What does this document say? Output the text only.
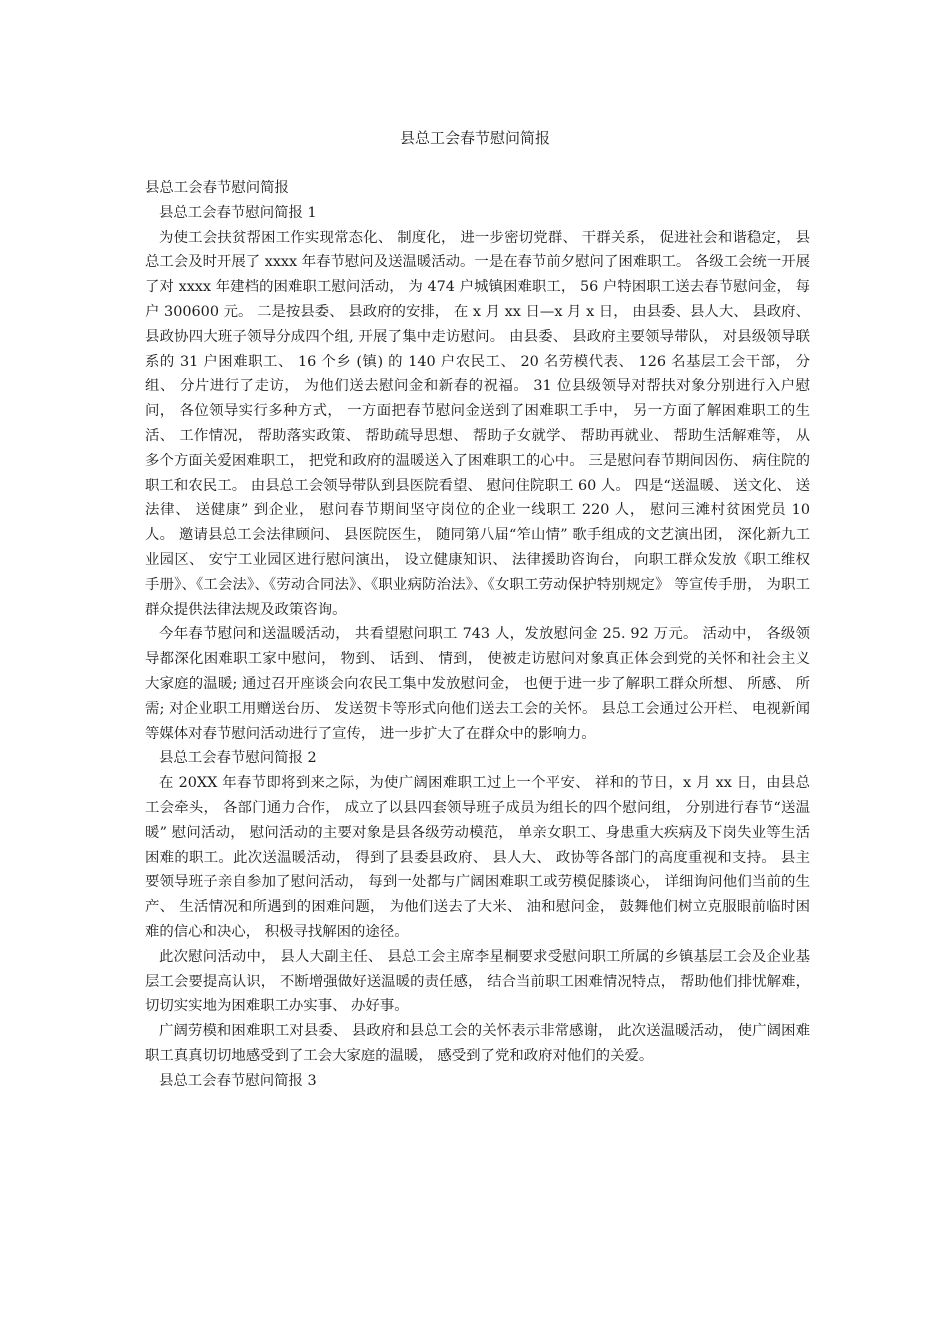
县总工会春节慰问简报

县总工会春节慰问简报

县总工会春节慰问简报 1

为使工会扶贫帮困工作实现常态化、 制度化， 进一步密切党群、 干群关系， 促进社会和谐稳定， 县总工会及时开展了 xxxx 年春节慰问及送温暖活动。一是在春节前夕慰问了困难职工。 各级工会统一开展了对 xxxx 年建档的困难职工慰问活动， 为 474 户城镇困难职工， 56 户特困职工送去春节慰问金， 每户 300600 元。 二是按县委、 县政府的安排， 在 x 月 xx 日—x 月 x 日， 由县委、县人大、 县政府、 县政协四大班子领导分成四个组, 开展了集中走访慰问。 由县委、 县政府主要领导带队， 对县级领导联系的 31 户困难职工、 16 个乡 (镇) 的 140 户农民工、 20 名劳模代表、 126 名基层工会干部， 分组、 分片进行了走访， 为他们送去慰问金和新春的祝福。 31 位县级领导对帮扶对象分别进行入户慰问， 各位领导实行多种方式， 一方面把春节慰问金送到了困难职工手中， 另一方面了解困难职工的生活、 工作情况， 帮助落实政策、 帮助疏导思想、 帮助子女就学、 帮助再就业、 帮助生活解难等， 从多个方面关爱困难职工， 把党和政府的温暖送入了困难职工的心中。 三是慰问春节期间因伤、 病住院的职工和农民工。 由县总工会领导带队到县医院看望、 慰问住院职工 60 人。 四是“送温暖、 送文化、 送法律、 送健康” 到企业， 慰问春节期间坚守岗位的企业一线职工 220 人， 慰问三滩村贫困党员 10 人。 邀请县总工会法律顾问、 县医院医生， 随同第八届“笮山情” 歌手组成的文艺演出团， 深化新九工业园区、 安宁工业园区进行慰问演出， 设立健康知识、 法律援助咨询台， 向职工群众发放《职工维权手册》、《工会法》、《劳动合同法》、《职业病防治法》、《女职工劳动保护特别规定》 等宣传手册， 为职工群众提供法律法规及政策咨询。

今年春节慰问和送温暖活动， 共看望慰问职工 743 人，发放慰问金 25. 92 万元。 活动中， 各级领导都深化困难职工家中慰问， 物到、 话到、 情到， 使被走访慰问对象真正体会到党的关怀和社会主义大家庭的温暖; 通过召开座谈会向农民工集中发放慰问金， 也便于进一步了解职工群众所想、 所感、 所需; 对企业职工用赠送台历、 发送贺卡等形式向他们送去工会的关怀。 县总工会通过公开栏、 电视新闻等媒体对春节慰问活动进行了宣传， 进一步扩大了在群众中的影响力。

县总工会春节慰问简报 2

在 20XX 年春节即将到来之际，为使广阔困难职工过上一个平安、 祥和的节日，x 月 xx 日，由县总工会牵头， 各部门通力合作， 成立了以县四套领导班子成员为组长的四个慰问组， 分别进行春节“送温暖” 慰问活动， 慰问活动的主要对象是县各级劳动模范， 单亲女职工、身患重大疾病及下岗失业等生活困难的职工。此次送温暖活动， 得到了县委县政府、 县人大、 政协等各部门的高度重视和支持。 县主要领导班子亲自参加了慰问活动， 每到一处都与广阔困难职工或劳模促膝谈心， 详细询问他们当前的生产、 生活情况和所遇到的困难问题， 为他们送去了大米、 油和慰问金， 鼓舞他们树立克服眼前临时困难的信心和决心， 积极寻找解困的途径。

此次慰问活动中， 县人大副主任、 县总工会主席李星桐要求受慰问职工所属的乡镇基层工会及企业基层工会要提高认识， 不断增强做好送温暖的责任感， 结合当前职工困难情况特点， 帮助他们排忧解难， 切切实实地为困难职工办实事、 办好事。

广阔劳模和困难职工对县委、 县政府和县总工会的关怀表示非常感谢， 此次送温暖活动， 使广阔困难职工真真切切地感受到了工会大家庭的温暖， 感受到了党和政府对他们的关爱。

县总工会春节慰问简报 3
